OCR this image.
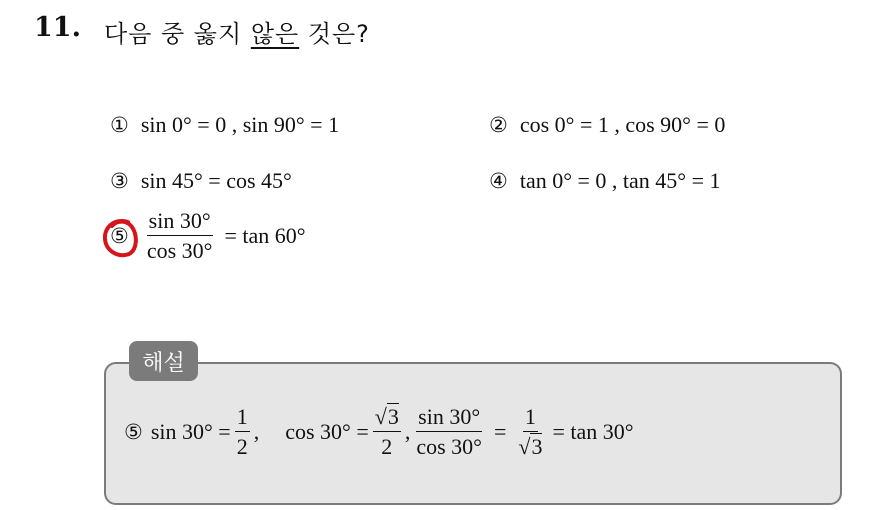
11. 다음 중 옳지 않은 것은?
① sin 0° = 0 , sin 90° = 1	② cos 0° = 1 , cos 90° = 0
③ sin 45° = cos 45°	④ tan 0° = 0 , tan 45° = 1
⑤ $\frac{\sin 30^\circ}{\cos 30^\circ} = \tan 60^\circ$
해설
⑤ $\sin 30^\circ = \frac{1}{2}$ , $\cos 30^\circ = \frac{√3}{2}$ , $\frac{\sin 30^\circ}{\cos 30^\circ} = \frac{1}{√3} = \tan 30^\circ$
